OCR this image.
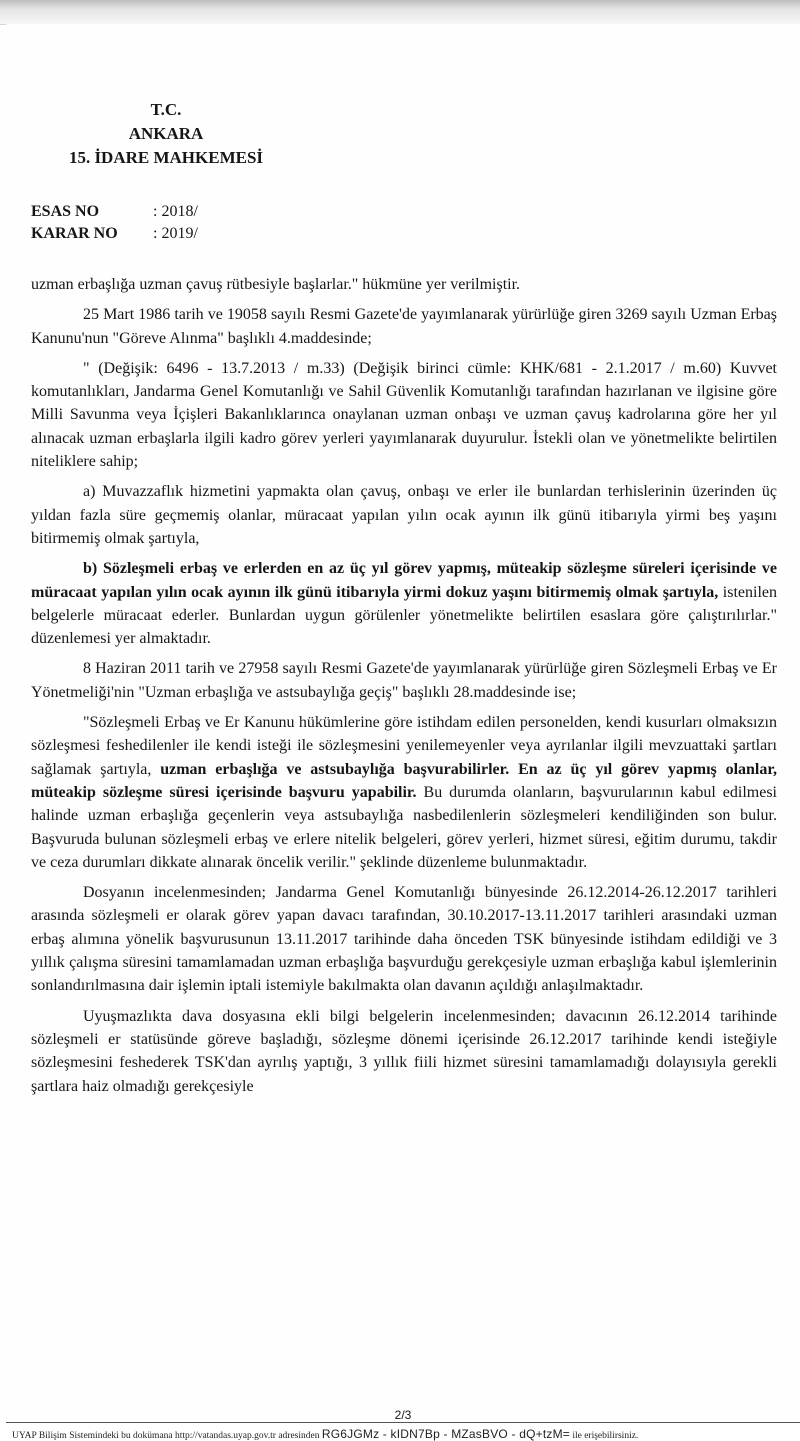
T.C.
ANKARA
15. İDARE MAHKEMESİ
ESAS NO	: 2018/
KARAR NO	: 2019/

uzman erbaşlığa uzman çavuş rütbesiyle başlarlar." hükmüne yer verilmiştir.

25 Mart 1986 tarih ve 19058 sayılı Resmi Gazete'de yayımlanarak yürürlüğe giren 3269 sayılı Uzman Erbaş Kanunu'nun "Göreve Alınma" başlıklı 4.maddesinde;

" (Değişik: 6496 - 13.7.2013 / m.33) (Değişik birinci cümle: KHK/681 - 2.1.2017 / m.60) Kuvvet komutanlıkları, Jandarma Genel Komutanlığı ve Sahil Güvenlik Komutanlığı tarafından hazırlanan ve ilgisine göre Milli Savunma veya İçişleri Bakanlıklarınca onaylanan uzman onbaşı ve uzman çavuş kadrolarına göre her yıl alınacak uzman erbaşlarla ilgili kadro görev yerleri yayımlanarak duyurulur. İstekli olan ve yönetmelikte belirtilen niteliklere sahip;

a) Muvazzaflık hizmetini yapmakta olan çavuş, onbaşı ve erler ile bunlardan terhislerinin üzerinden üç yıldan fazla süre geçmemiş olanlar, müracaat yapılan yılın ocak ayının ilk günü itibarıyla yirmi beş yaşını bitirmemiş olmak şartıyla,

b) Sözleşmeli erbaş ve erlerden en az üç yıl görev yapmış, müteakip sözleşme süreleri içerisinde ve müracaat yapılan yılın ocak ayının ilk günü itibarıyla yirmi dokuz yaşını bitirmemiş olmak şartıyla, istenilen belgelerle müracaat ederler. Bunlardan uygun görülenler yönetmelikte belirtilen esaslara göre çalıştırılırlar." düzenlemesi yer almaktadır.

8 Haziran 2011 tarih ve 27958 sayılı Resmi Gazete'de yayımlanarak yürürlüğe giren Sözleşmeli Erbaş ve Er Yönetmeliği'nin "Uzman erbaşlığa ve astsubaylığa geçiş" başlıklı 28.maddesinde ise;

"Sözleşmeli Erbaş ve Er Kanunu hükümlerine göre istihdam edilen personelden, kendi kusurları olmaksızın sözleşmesi feshedilenler ile kendi isteği ile sözleşmesini yenilemeyenler veya ayrılanlar ilgili mevzuattaki şartları sağlamak şartıyla, uzman erbaşlığa ve astsubaylığa başvurabilirler. En az üç yıl görev yapmış olanlar, müteakip sözleşme süresi içerisinde başvuru yapabilir. Bu durumda olanların, başvurularının kabul edilmesi halinde uzman erbaşlığa geçenlerin veya astsubaylığa nasbedilenlerin sözleşmeleri kendiliğinden son bulur. Başvuruda bulunan sözleşmeli erbaş ve erlere nitelik belgeleri, görev yerleri, hizmet süresi, eğitim durumu, takdir ve ceza durumları dikkate alınarak öncelik verilir." şeklinde düzenleme bulunmaktadır.

Dosyanın incelenmesinden; Jandarma Genel Komutanlığı bünyesinde 26.12.2014-26.12.2017 tarihleri arasında sözleşmeli er olarak görev yapan davacı tarafından, 30.10.2017-13.11.2017 tarihleri arasındaki uzman erbaş alımına yönelik başvurusunun 13.11.2017 tarihinde daha önceden TSK bünyesinde istihdam edildiği ve 3 yıllık çalışma süresini tamamlamadan uzman erbaşlığa başvurduğu gerekçesiyle uzman erbaşlığa kabul işlemlerinin sonlandırılmasına dair işlemin iptali istemiyle bakılmakta olan davanın açıldığı anlaşılmaktadır.

Uyuşmazlıkta dava dosyasına ekli bilgi belgelerin incelenmesinden; davacının 26.12.2014 tarihinde sözleşmeli er statüsünde göreve başladığı, sözleşme dönemi içerisinde 26.12.2017 tarihinde kendi isteğiyle sözleşmesini feshederek TSK'dan ayrılış yaptığı, 3 yıllık fiili hizmet süresini tamamlamadığı dolayısıyla gerekli şartlara haiz olmadığı gerekçesiyle

2/3
UYAP Bilişim Sistemindeki bu dokümana http://vatandas.uyap.gov.tr adresinden RG6JGMz - kIDN7Bp - MZasBVO - dQ+tzM= ile erişebilirsiniz.
